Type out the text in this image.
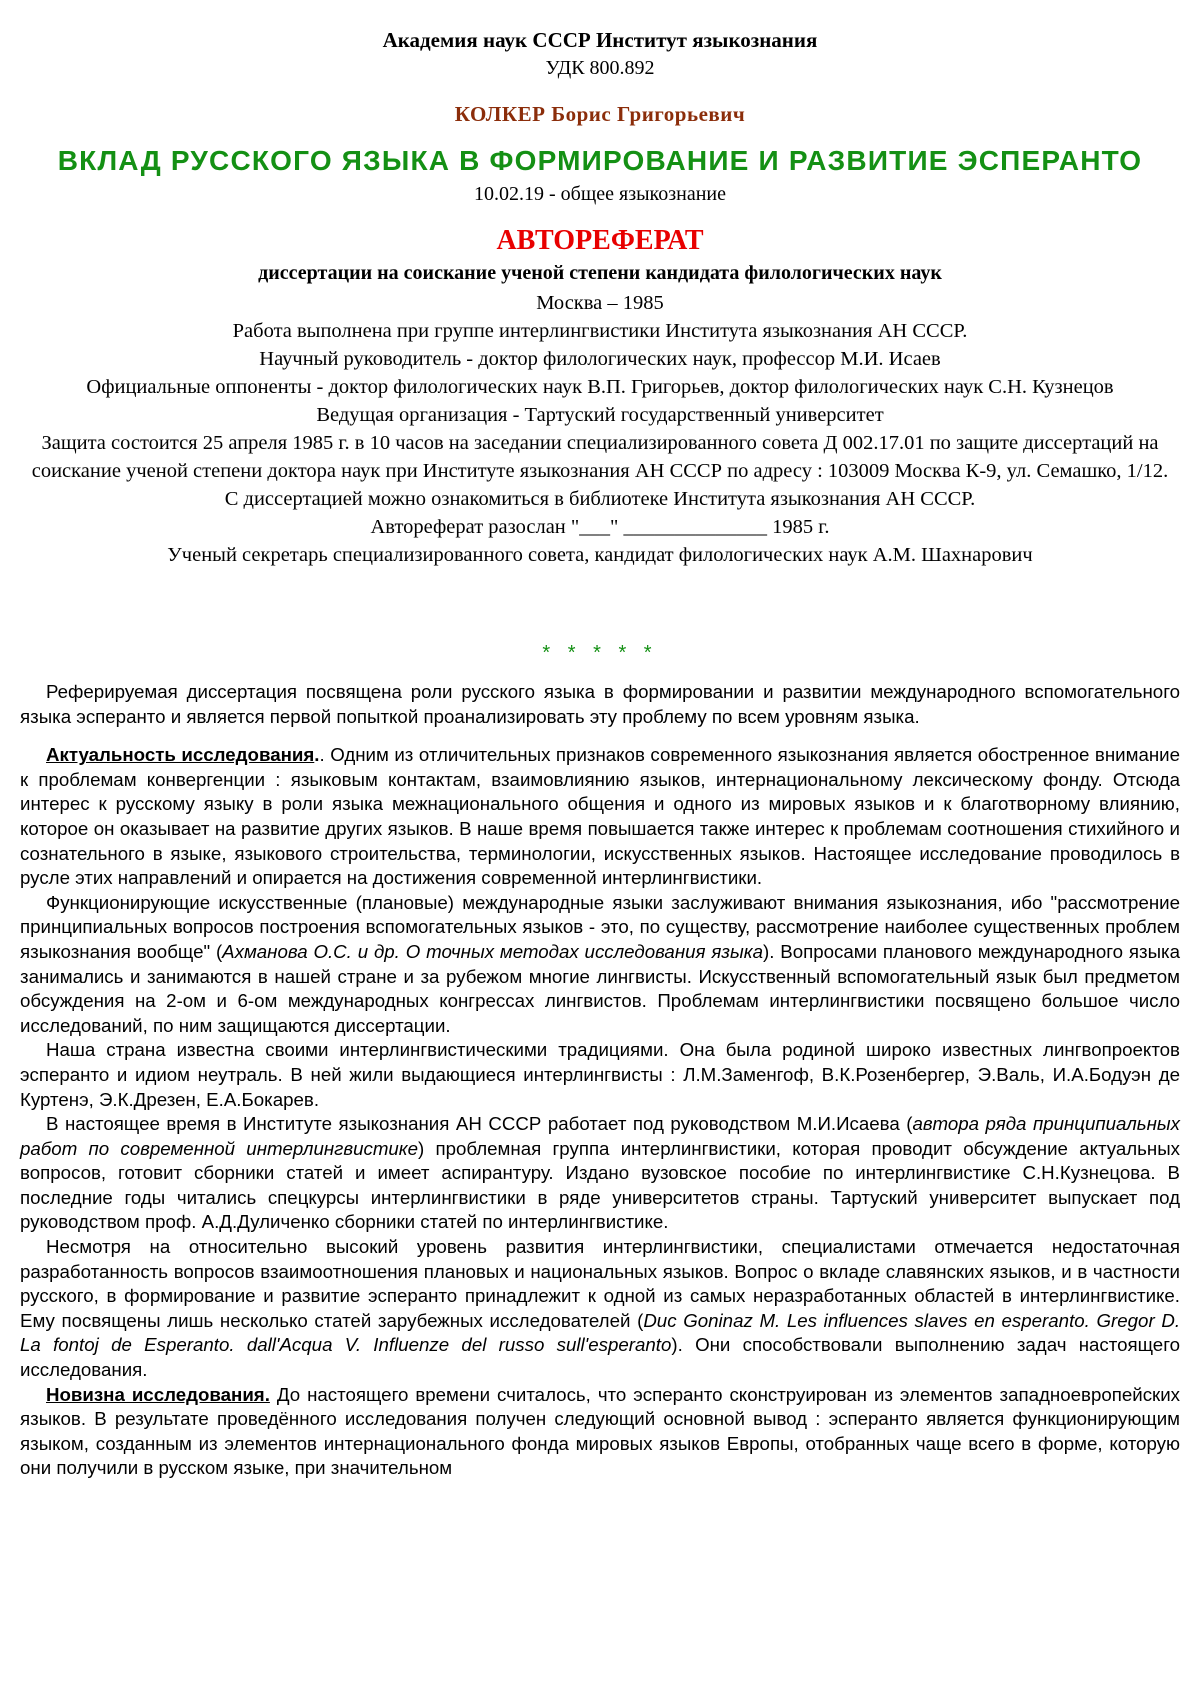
Академия наук СССР Институт языкознания
УДК 800.892
КОЛКЕР Борис Григорьевич
ВКЛАД РУССКОГО ЯЗЫКА В ФОРМИРОВАНИЕ И РАЗВИТИЕ ЭСПЕРАНТО
10.02.19 - общее языкознание
АВТОРЕФЕРАТ
диссертации на соискание ученой степени кандидата филологических наук
Москва – 1985
Работа выполнена при группе интерлингвистики Института языкознания АН СССР.
Научный руководитель - доктор филологических наук, профессор М.И. Исаев
Официальные оппоненты - доктор филологических наук В.П. Григорьев, доктор филологических наук С.Н. Кузнецов
Ведущая организация - Тартуский государственный университет
Защита состоится 25 апреля 1985 г. в 10 часов на заседании специализированного совета Д 002.17.01 по защите диссертаций на соискание ученой степени доктора наук при Институте языкознания АН СССР по адресу : 103009 Москва К-9, ул. Семашко, 1/12.
С диссертацией можно ознакомиться в библиотеке Института языкознания АН СССР.
Автореферат разослан "___" ______________ 1985 г.
Ученый секретарь специализированного совета, кандидат филологических наук А.М. Шахнарович
* * * * *

Реферируемая диссертация посвящена роли русского языка в формировании и развитии международного вспомогательного языка эсперанто и является первой попыткой проанализировать эту проблему по всем уровням языка.

Актуальность исследования.. Одним из отличительных признаков современного языкознания является обостренное внимание к проблемам конвергенции : языковым контактам, взаимовлиянию языков, интернациональному лексическому фонду. Отсюда интерес к русскому языку в роли языка межнационального общения и одного из мировых языков и к благотворному влиянию, которое он оказывает на развитие других языков. В наше время повышается также интерес к проблемам соотношения стихийного и сознательного в языке, языкового строительства, терминологии, искусственных языков. Настоящее исследование проводилось в русле этих направлений и опирается на достижения современной интерлингвистики.

Функционирующие искусственные (плановые) международные языки заслуживают внимания языкознания, ибо "рассмотрение принципиальных вопросов построения вспомогательных языков - это, по существу, рассмотрение наиболее существенных проблем языкознания вообще" (Ахманова О.С. и др. О точных методах исследования языка). Вопросами планового международного языка занимались и занимаются в нашей стране и за рубежом многие лингвисты. Искусственный вспомогательный язык был предметом обсуждения на 2-ом и 6-ом международных конгрессах лингвистов. Проблемам интерлингвистики посвящено большое число исследований, по ним защищаются диссертации.

Наша страна известна своими интерлингвистическими традициями. Она была родиной широко известных лингвопроектов эсперанто и идиом неутраль. В ней жили выдающиеся интерлингвисты : Л.М.Заменгоф, В.К.Розенбергер, Э.Валь, И.А.Бодуэн де Куртенэ, Э.К.Дрезен, Е.А.Бокарев.

В настоящее время в Институте языкознания АН СССР работает под руководством М.И.Исаева (автора ряда принципиальных работ по современной интерлингвистике) проблемная группа интерлингвистики, которая проводит обсуждение актуальных вопросов, готовит сборники статей и имеет аспирантуру. Издано вузовское пособие по интерлингвистике С.Н.Кузнецова. В последние годы читались спецкурсы интерлингвистики в ряде университетов страны. Тартуский университет выпускает под руководством проф. А.Д.Дуличенко сборники статей по интерлингвистике.

Несмотря на относительно высокий уровень развития интерлингвистики, специалистами отмечается недостаточная разработанность вопросов взаимоотношения плановых и национальных языков. Вопрос о вкладе славянских языков, и в частности русского, в формирование и развитие эсперанто принадлежит к одной из самых неразработанных областей в интерлингвистике. Ему посвящены лишь несколько статей зарубежных исследователей (Duc Goninaz M. Les influences slaves en esperanto. Gregor D. La fontoj de Esperanto. dall'Acqua V. Influenze del russo sull'esperanto). Они способствовали выполнению задач настоящего исследования.

Новизна исследования. До настоящего времени считалось, что эсперанто сконструирован из элементов западноевропейских языков. В результате проведённого исследования получен следующий основной вывод : эсперанто является функционирующим языком, созданным из элементов интернационального фонда мировых языков Европы, отобранных чаще всего в форме, которую они получили в русском языке, при значительном
